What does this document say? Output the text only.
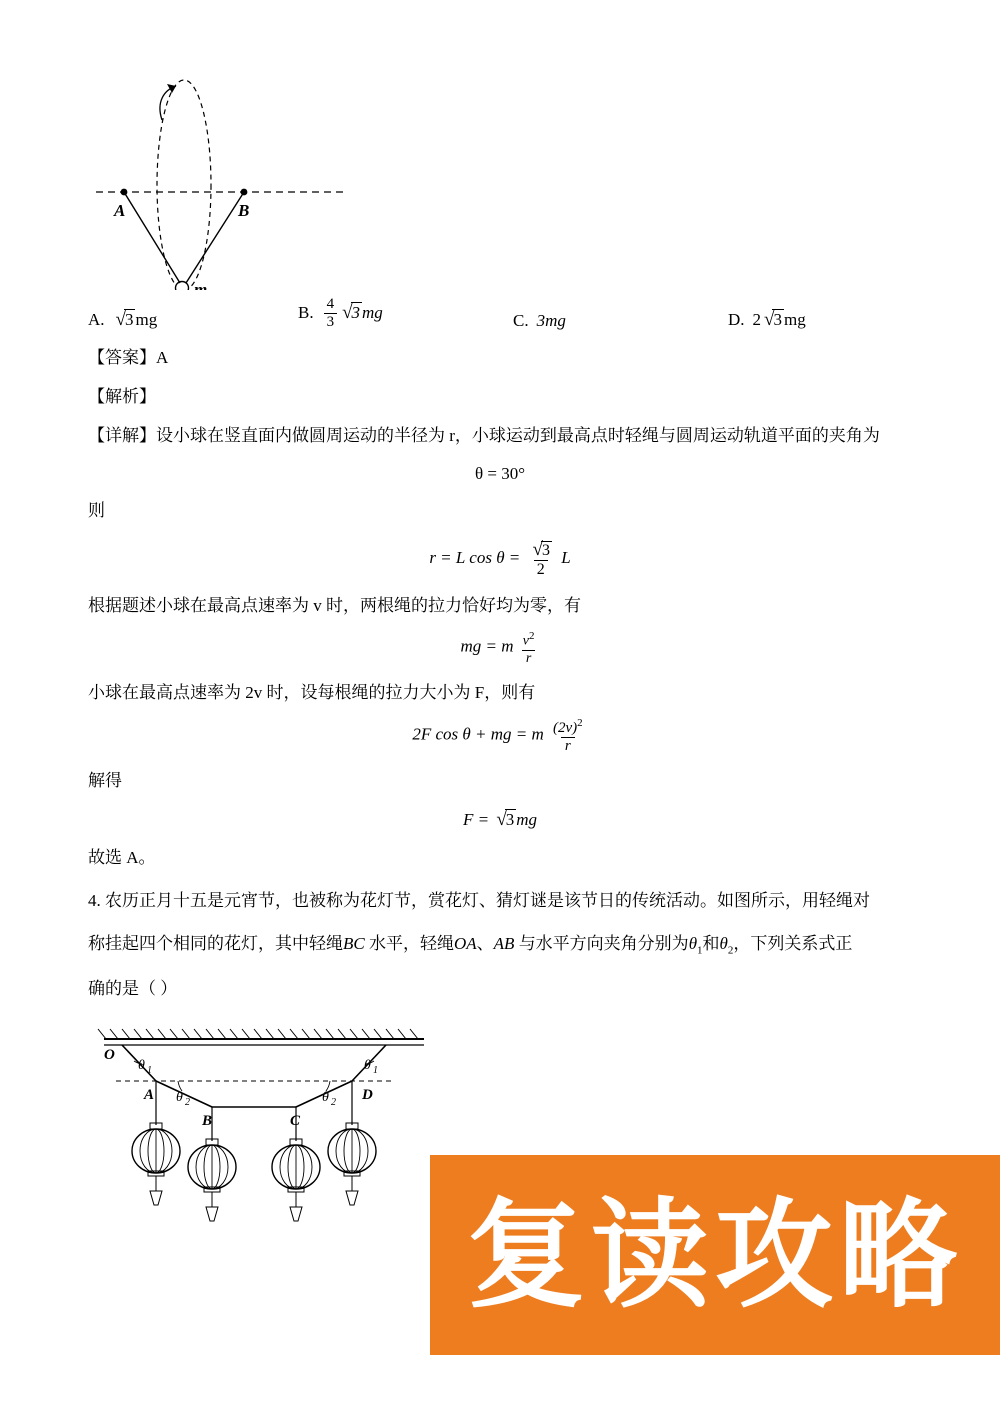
A	B
m
A. √3 mg	B. $\frac{4}{3} √3$ mg	C. 3mg	D. 2 √3 mg

【答案】A

【解析】

【详解】设小球在竖直面内做圆周运动的半径为 r，小球运动到最高点时轻绳与圆周运动轨道平面的夹角为

θ = 30°

则

r = L $\cos \theta = \frac{√3}{2}$ L

根据题述小球在最高点速率为 v 时，两根绳的拉力恰好均为零，有

mg = m $\frac{v^2}{r}$

小球在最高点速率为 2v 时，设每根绳的拉力大小为 F，则有

2F cos θ + mg = m $\frac{(2v)^2}{r}$

解得

F = √3 mg

故选 A。

4. 农历正月十五是元宵节，也被称为花灯节，赏花灯、猜灯谜是该节日的传统活动。如图所示，用轻绳对

称挂起四个相同的花灯，其中轻绳BC 水平，轻绳OA、AB 与水平方向夹角分别为$\theta_1$和$\theta_2$，下列关系式正

确的是（ ）

O
θ 1	θ 1
A θ 2	θ 2 D
B	C
复读攻略
